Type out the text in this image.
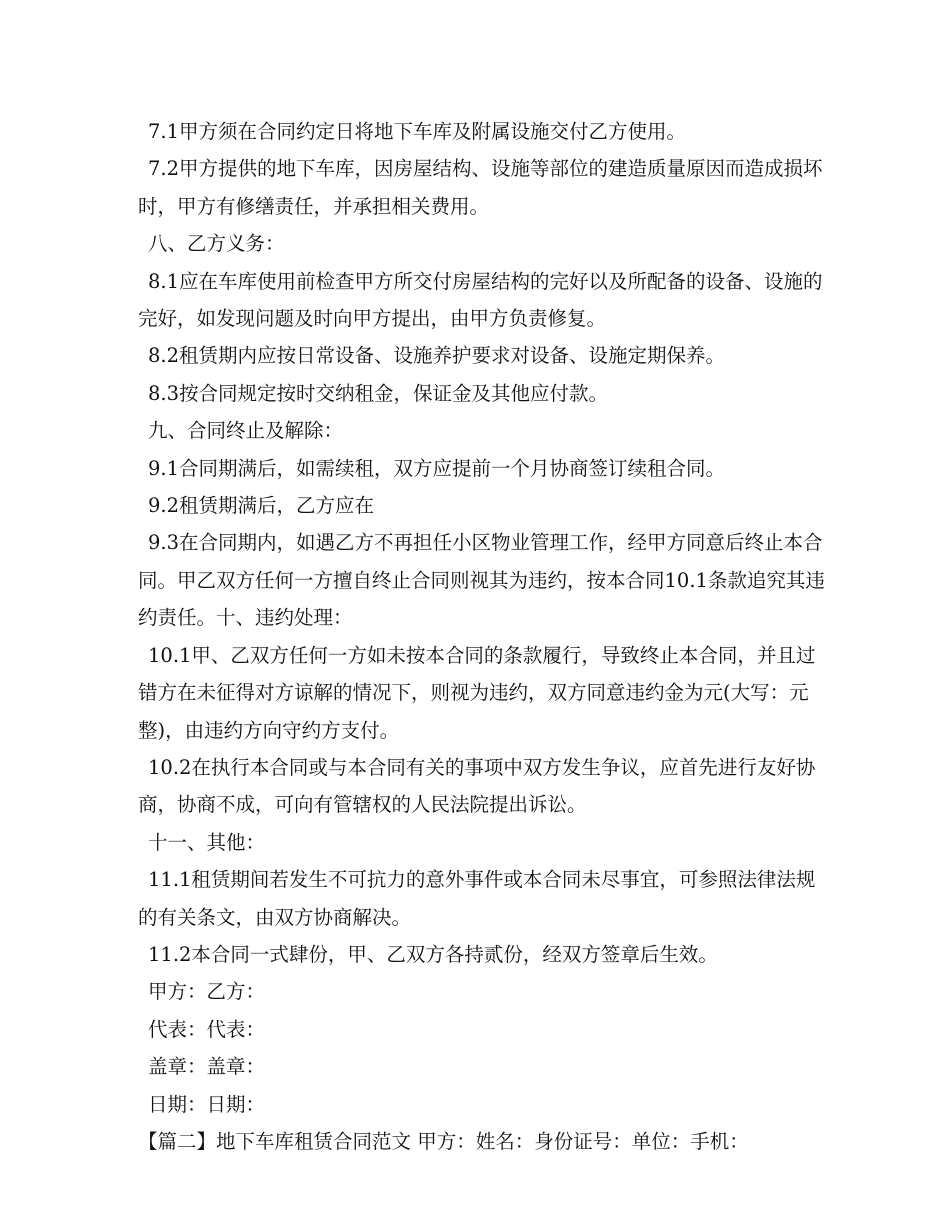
7.1甲方须在合同约定日将地下车库及附属设施交付乙方使用。

7.2甲方提供的地下车库，因房屋结构、设施等部位的建造质量原因而造成损坏时，甲方有修缮责任，并承担相关费用。

八、乙方义务：

8.1应在车库使用前检查甲方所交付房屋结构的完好以及所配备的设备、设施的完好，如发现问题及时向甲方提出，由甲方负责修复。

8.2租赁期内应按日常设备、设施养护要求对设备、设施定期保养。

8.3按合同规定按时交纳租金，保证金及其他应付款。

九、合同终止及解除：

9.1合同期满后，如需续租，双方应提前一个月协商签订续租合同。

9.2租赁期满后，乙方应在

9.3在合同期内，如遇乙方不再担任小区物业管理工作，经甲方同意后终止本合同。甲乙双方任何一方擅自终止合同则视其为违约，按本合同10.1条款追究其违约责任。十、违约处理：

10.1甲、乙双方任何一方如未按本合同的条款履行，导致终止本合同，并且过错方在未征得对方谅解的情况下，则视为违约，双方同意违约金为元(大写：元整)，由违约方向守约方支付。

10.2在执行本合同或与本合同有关的事项中双方发生争议，应首先进行友好协商，协商不成，可向有管辖权的人民法院提出诉讼。

十一、其他：

11.1租赁期间若发生不可抗力的意外事件或本合同未尽事宜，可参照法律法规的有关条文，由双方协商解决。

11.2本合同一式肆份，甲、乙双方各持贰份，经双方签章后生效。

甲方：乙方：

代表：代表：

盖章：盖章：

日期：日期：

【篇二】地下车库租赁合同范文 甲方：姓名：身份证号：单位：手机：
